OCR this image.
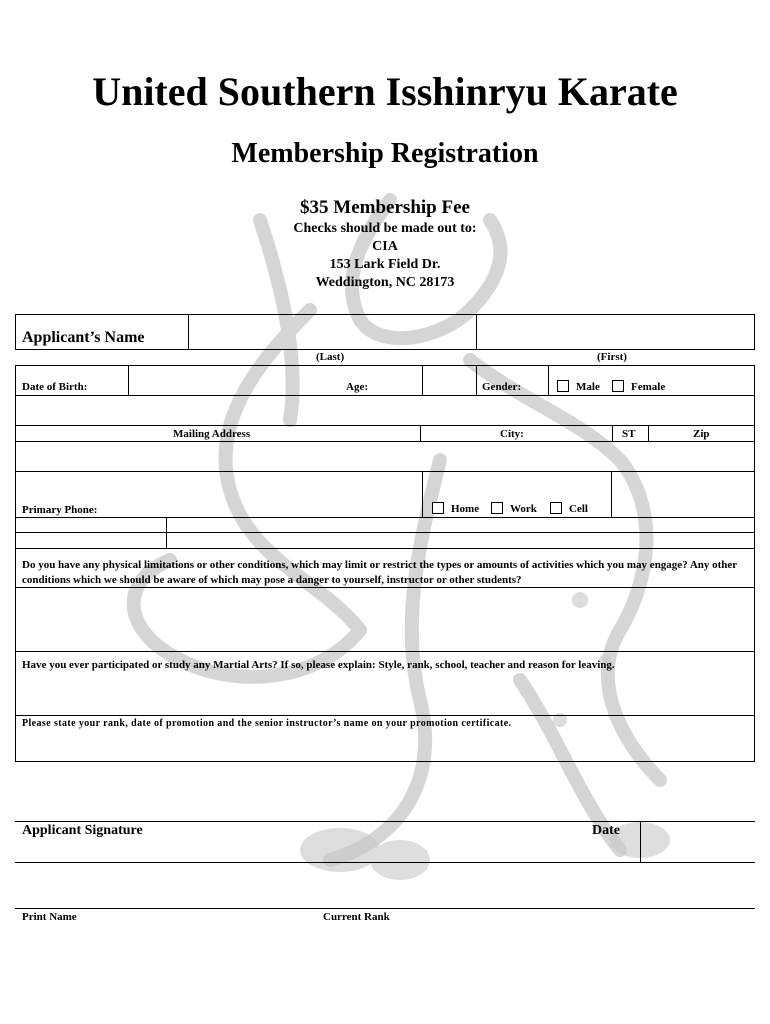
United Southern Isshinryu Karate
Membership Registration
$35 Membership Fee
Checks should be made out to:
CIA
153 Lark Field Dr.
Weddington, NC 28173
Applicant’s Name
(Last)	(First)
Date of Birth:	Age:	Gender:	Male	Female
Mailing Address	City:	ST	Zip
Primary Phone:	Home	Work	Cell
Do you have any physical limitations or other conditions, which may limit or restrict the types or amounts of activities which you may engage? Any other conditions which we should be aware of which may pose a danger to yourself, instructor or other students?
Have you ever participated or study any Martial Arts? If so, please explain: Style, rank, school, teacher and reason for leaving.
Please state your rank, date of promotion and the senior instructor’s name on your promotion certificate.
Applicant Signature	Date
Print Name	Current Rank
